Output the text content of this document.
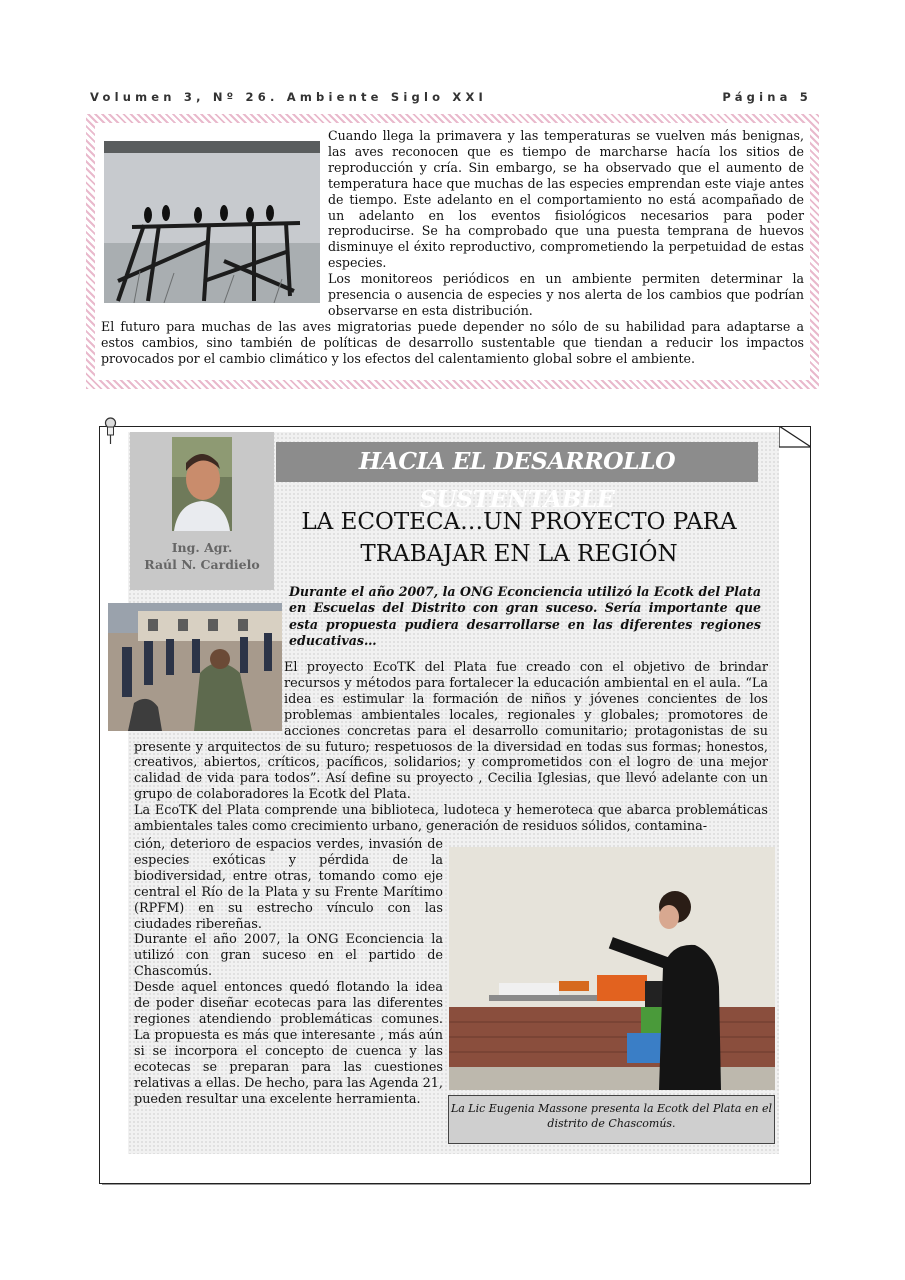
Volumen 3, Nº 26. Ambiente Siglo XXI	Página 5

Cuando llega la primavera y las temperaturas se vuelven más benignas, las aves reconocen que es tiempo de marcharse hacía los sitios de reproducción y cría. Sin embargo, se ha observado que el aumento de temperatura hace que muchas de las especies emprendan este viaje antes de tiempo. Este adelanto en el comportamiento no está acompañado de un adelanto en los eventos fisiológicos necesarios para poder reproducirse. Se ha comprobado que una puesta temprana de huevos disminuye el éxito reproductivo, comprometiendo la perpetuidad de estas especies.

Los monitoreos periódicos en un ambiente permiten determinar la presencia o ausencia de especies y nos alerta de los cambios que podrían observarse en esta distribución.

El futuro para muchas de las aves migratorias puede depender no sólo de su habilidad para adaptarse a estos cambios, sino también de políticas de desarrollo sustentable que tiendan a reducir los impactos provocados por el cambio climático y los efectos del calentamiento global sobre el ambiente.

Ing. Agr.
Raúl N. Cardielo
HACIA EL DESARROLLO SUSTENTABLE
LA ECOTECA…UN PROYECTO PARA TRABAJAR EN LA REGIÓN
Durante el año 2007, la ONG Econciencia utilizó la Ecotk del Plata en Escuelas del Distrito con gran suceso. Sería importante que esta propuesta pudiera desarrollarse en las diferentes regiones educativas…

El proyecto EcoTK del Plata fue creado con el objetivo de brindar recursos y métodos para fortalecer la educación ambiental en el aula. “La idea es estimular la formación de niños y jóvenes concientes de los problemas ambientales locales, regionales y globales; promotores de acciones concretas para el desarrollo comunitario; protagonistas de su presente y arquitectos de su futuro; respetuosos de la diversidad en todas sus formas; honestos, creativos, abiertos, críticos, pacíficos, solidarios; y comprometidos con el logro de una mejor calidad de vida para todos”. Así define su proyecto , Cecilia Iglesias, que llevó adelante con un grupo de colaboradores la Ecotk del Plata.

La EcoTK del Plata comprende una biblioteca, ludoteca y hemeroteca que abarca problemáticas ambientales tales como crecimiento urbano, generación de residuos sólidos, contamina-

ción, deterioro de espacios verdes, invasión de especies exóticas y pérdida de la biodiversidad, entre otras, tomando como eje central el Río de la Plata y su Frente Marítimo (RPFM) en su estrecho vínculo con las ciudades ribereñas.

Durante el año 2007, la ONG Econciencia la utilizó con gran suceso en el partido de Chascomús.

Desde aquel entonces quedó flotando la idea de poder diseñar ecotecas para las diferentes regiones atendiendo problemáticas comunes. La propuesta es más que interesante , más aún si se incorpora el concepto de cuenca y las ecotecas se preparan para las cuestiones relativas a ellas. De hecho, para las Agenda 21, pueden resultar una excelente herramienta.

La Lic Eugenia Massone presenta la Ecotk del Plata en el distrito de Chascomús.
